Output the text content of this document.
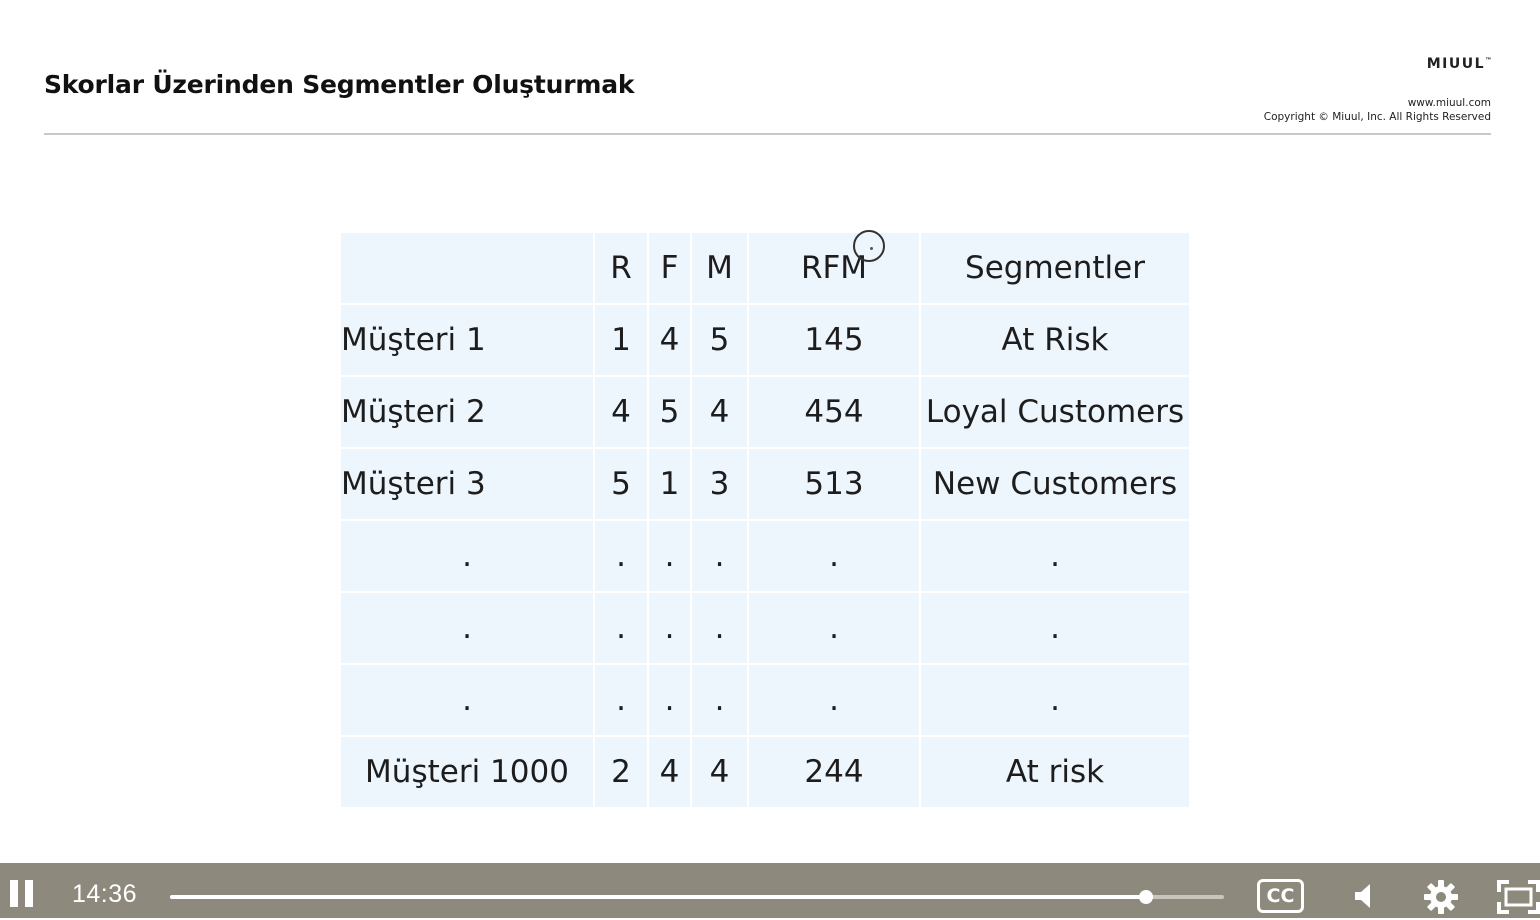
Skorlar Üzerinden Segmentler Oluşturmak
MIUUL™
www.miuul.com
Copyright © Miuul, Inc. All Rights Reserved
	R	F	M	RFM	Segmentler
Müşteri 1	1	4	5	145	At Risk
Müşteri 2	4	5	4	454	Loyal Customers
Müşteri 3	5	1	3	513	New Customers
.	.	.	.	.	.
.	.	.	.	.	.
.	.	.	.	.	.
Müşteri 1000	2	4	4	244	At risk
14:36	CC
